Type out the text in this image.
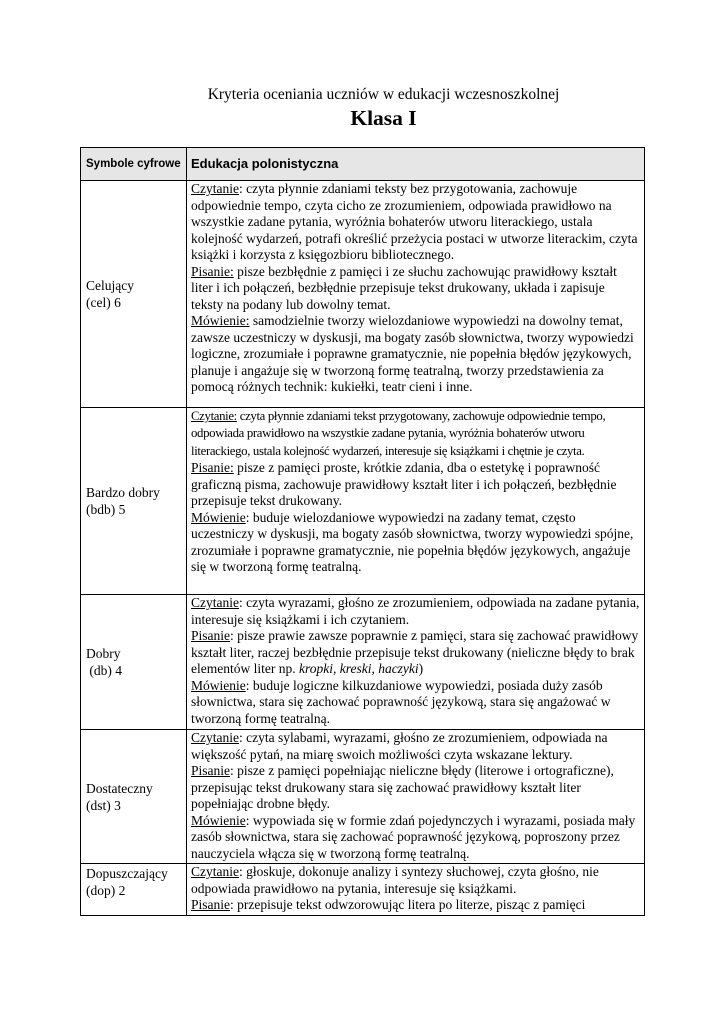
Kryteria oceniania uczniów w edukacji wczesnoszkolnej
Klasa I
Symbole cyfrowe	Edukacja polonistyczna

Celujący
(cel) 6	Czytanie: czyta płynnie zdaniami teksty bez przygotowania, zachowuje odpowiednie tempo, czyta cicho ze zrozumieniem, odpowiada prawidłowo na wszystkie zadane pytania, wyróżnia bohaterów utworu literackiego, ustala kolejność wydarzeń, potrafi określić przeżycia postaci w utworze literackim, czyta książki i korzysta z księgozbioru bibliotecznego.
Pisanie: pisze bezbłędnie z pamięci i ze słuchu zachowując prawidłowy kształt liter i ich połączeń, bezbłędnie przepisuje tekst drukowany, układa i zapisuje teksty na podany lub dowolny temat.
Mówienie: samodzielnie tworzy wielozdaniowe wypowiedzi na dowolny temat, zawsze uczestniczy w dyskusji, ma bogaty zasób słownictwa, tworzy wypowiedzi logiczne, zrozumiałe i poprawne gramatycznie, nie popełnia błędów językowych, planuje i angażuje się w tworzoną formę teatralną, tworzy przedstawienia za pomocą różnych technik: kukiełki, teatr cieni i inne.

Bardzo dobry
(bdb) 5	Czytanie: czyta płynnie zdaniami tekst przygotowany, zachowuje odpowiednie tempo, odpowiada prawidłowo na wszystkie zadane pytania, wyróżnia bohaterów utworu literackiego, ustala kolejność wydarzeń, interesuje się książkami i chętnie je czyta.
Pisanie: pisze z pamięci proste, krótkie zdania, dba o estetykę i poprawność graficzną pisma, zachowuje prawidłowy kształt liter i ich połączeń, bezbłędnie przepisuje tekst drukowany.
Mówienie: buduje wielozdaniowe wypowiedzi na zadany temat, często uczestniczy w dyskusji, ma bogaty zasób słownictwa, tworzy wypowiedzi spójne, zrozumiałe i poprawne gramatycznie, nie popełnia błędów językowych, angażuje się w tworzoną formę teatralną.

Dobry
(db) 4	Czytanie: czyta wyrazami, głośno ze zrozumieniem, odpowiada na zadane pytania, interesuje się książkami i ich czytaniem.
Pisanie: pisze prawie zawsze poprawnie z pamięci, stara się zachować prawidłowy kształt liter, raczej bezbłędnie przepisuje tekst drukowany (nieliczne błędy to brak elementów liter np. kropki, kreski, haczyki)
Mówienie: buduje logiczne kilkuzdaniowe wypowiedzi, posiada duży zasób słownictwa, stara się zachować poprawność językową, stara się angażować w tworzoną formę teatralną.

Dostateczny
(dst) 3	Czytanie: czyta sylabami, wyrazami, głośno ze zrozumieniem, odpowiada na większość pytań, na miarę swoich możliwości czyta wskazane lektury.
Pisanie: pisze z pamięci popełniając nieliczne błędy (literowe i ortograficzne), przepisując tekst drukowany stara się zachować prawidłowy kształt liter popełniając drobne błędy.
Mówienie: wypowiada się w formie zdań pojedynczych i wyrazami, posiada mały zasób słownictwa, stara się zachować poprawność językową, poproszony przez nauczyciela włącza się w tworzoną formę teatralną.

Dopuszczający
(dop) 2	Czytanie: głoskuje, dokonuje analizy i syntezy słuchowej, czyta głośno, nie odpowiada prawidłowo na pytania, interesuje się książkami.
Pisanie: przepisuje tekst odwzorowując litera po literze, pisząc z pamięci
